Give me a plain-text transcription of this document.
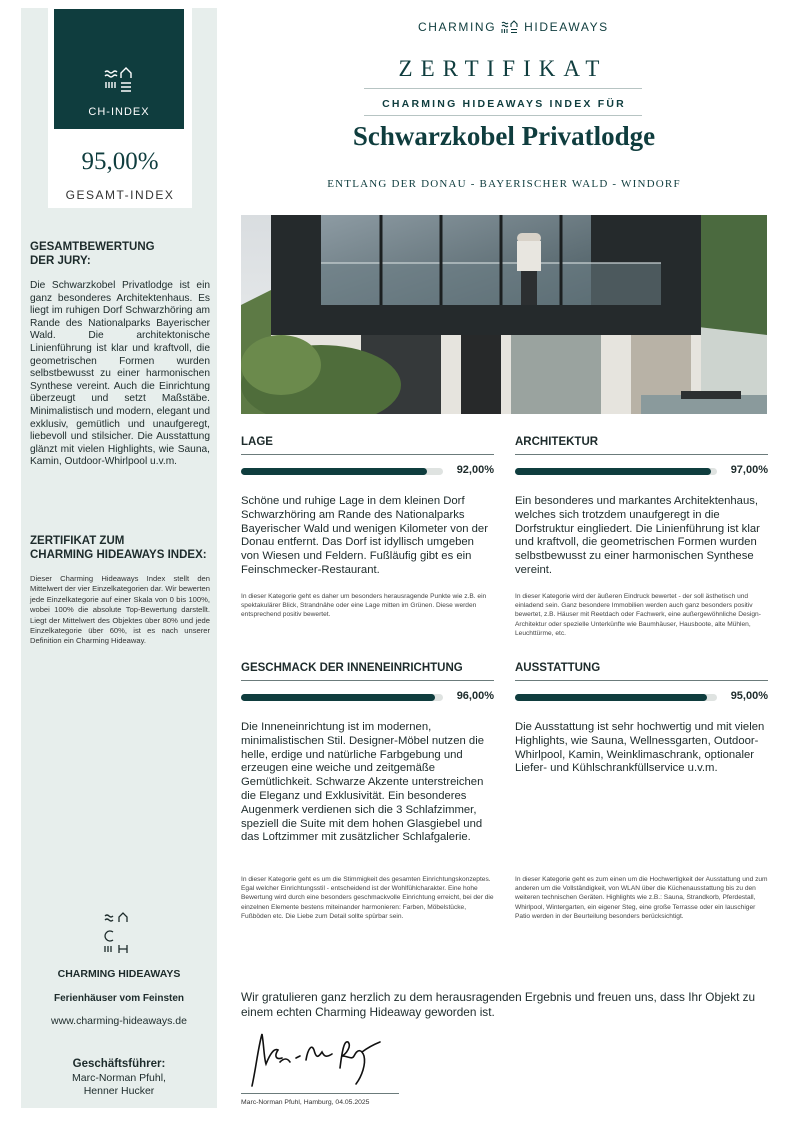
CH-INDEX
95,00%
GESAMT-INDEX
GESAMTBEWERTUNG
DER JURY:
Die Schwarzkobel Privatlodge ist ein ganz besonderes Architektenhaus. Es liegt im ruhigen Dorf Schwarzhöring am Rande des Nationalparks Bayerischer Wald. Die architektonische Linienführung ist klar und kraftvoll, die geometrischen Formen wurden selbstbewusst zu einer harmonischen Synthese vereint. Auch die Einrichtung überzeugt und setzt Maßstäbe. Minimalistisch und modern, elegant und exklusiv, gemütlich und unaufgeregt, liebevoll und stilsicher. Die Ausstattung glänzt mit vielen Highlights, wie Sauna, Kamin, Outdoor-Whirlpool u.v.m.
ZERTIFIKAT ZUM
CHARMING HIDEAWAYS INDEX:
Dieser Charming Hideaways Index stellt den Mittelwert der vier Einzelkategorien dar. Wir bewerten jede Einzelkategorie auf einer Skala von 0 bis 100%, wobei 100% die absolute Top-Bewertung darstellt. Liegt der Mittelwert des Objektes über 80% und jede Einzelkategorie über 60%, ist es nach unserer Definition ein Charming Hideaway.
CHARMING HIDEAWAYS
Ferienhäuser vom Feinsten
www.charming-hideaways.de
Geschäftsführer:
Marc-Norman Pfuhl,
Henner Hucker
CHARMING HIDEAWAYS
ZERTIFIKAT
CHARMING HIDEAWAYS INDEX FÜR
Schwarzkobel Privatlodge
ENTLANG DER DONAU - BAYERISCHER WALD - WINDORF
LAGE
92,00%
Schöne und ruhige Lage in dem kleinen Dorf Schwarzhöring am Rande des Nationalparks Bayerischer Wald und wenigen Kilometer von der Donau entfernt. Das Dorf ist idyllisch umgeben von Wiesen und Feldern. Fußläufig gibt es ein Feinschmecker-Restaurant.
In dieser Kategorie geht es daher um besonders herausragende Punkte wie z.B. ein spektakulärer Blick, Strandnähe oder eine Lage mitten im Grünen. Diese werden entsprechend positiv bewertet.
ARCHITEKTUR
97,00%
Ein besonderes und markantes Architektenhaus, welches sich trotzdem unaufgeregt in die Dorfstruktur eingliedert. Die Linienführung ist klar und kraftvoll, die geometrischen Formen wurden selbstbewusst zu einer harmonischen Synthese vereint.
In dieser Kategorie wird der äußeren Eindruck bewertet - der soll ästhetisch und einladend sein. Ganz besondere Immobilien werden auch ganz besonders positiv bewertet, z.B. Häuser mit Reetdach oder Fachwerk, eine außergewöhnliche Design-Architektur oder spezielle Unterkünfte wie Baumhäuser, Hausboote, alte Mühlen, Leuchttürme, etc.
GESCHMACK DER INNENEINRICHTUNG
96,00%
Die Inneneinrichtung ist im modernen, minimalistischen Stil. Designer-Möbel nutzen die helle, erdige und natürliche Farbgebung und erzeugen eine weiche und zeitgemäße Gemütlichkeit. Schwarze Akzente unterstreichen die Eleganz und Exklusivität. Ein besonderes Augenmerk verdienen sich die 3 Schlafzimmer, speziell die Suite mit dem hohen Glasgiebel und das Loftzimmer mit zusätzlicher Schlafgalerie.
In dieser Kategorie geht es um die Stimmigkeit des gesamten Einrichtungskonzeptes. Egal welcher Einrichtungsstil - entscheidend ist der Wohlfühlcharakter. Eine hohe Bewertung wird durch eine besonders geschmackvolle Einrichtung erreicht, bei der die einzelnen Elemente bestens miteinander harmonieren: Farben, Möbelstücke, Fußböden etc. Die Liebe zum Detail sollte spürbar sein.
AUSSTATTUNG
95,00%
Die Ausstattung ist sehr hochwertig und mit vielen Highlights, wie Sauna, Wellnessgarten, Outdoor-Whirlpool, Kamin, Weinklimaschrank, optionaler Liefer- und Kühlschrankfüllservice u.v.m.
In dieser Kategorie geht es zum einen um die Hochwertigkeit der Ausstattung und zum anderen um die Vollständigkeit, von WLAN über die Küchenausstattung bis zu den weiteren technischen Geräten. Highlights wie z.B.: Sauna, Strandkorb, Pferdestall, Whirlpool, Wintergarten, ein eigener Steg, eine große Terrasse oder ein lauschiger Patio werden in der Beurteilung besonders berücksichtigt.
Wir gratulieren ganz herzlich zu dem herausragenden Ergebnis und freuen uns, dass Ihr Objekt zu einem echten Charming Hideaway geworden ist.
Marc-Norman Pfuhl, Hamburg, 04.05.2025
